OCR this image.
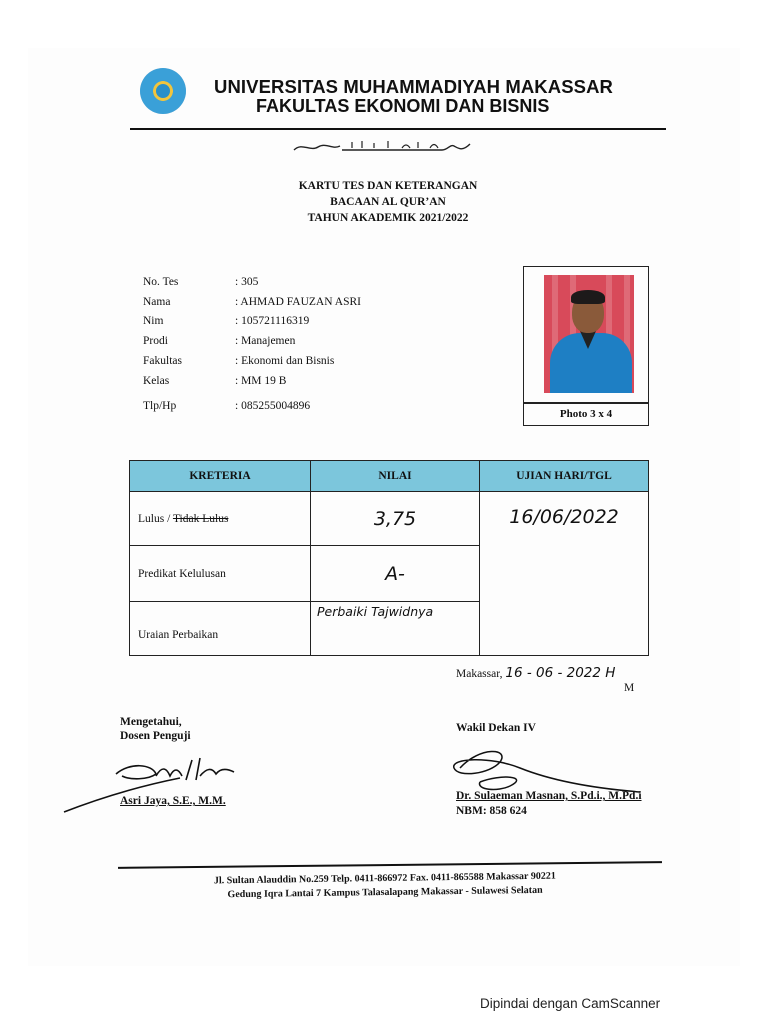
UNIVERSITAS MUHAMMADIYAH MAKASSAR
FAKULTAS EKONOMI DAN BISNIS
KARTU TES DAN KETERANGAN
BACAAN AL QUR’AN
TAHUN AKADEMIK 2021/2022
No. Tes	: 305
Nama	: AHMAD FAUZAN ASRI
Nim	: 105721116319
Prodi	: Manajemen
Fakultas	: Ekonomi dan Bisnis
Kelas	: MM 19 B
Tlp/Hp	: 085255004896
Photo 3 x 4
KRETERIA	NILAI	UJIAN HARI/TGL
Lulus / Tidak Lulus	3,75	16/06/2022
Predikat Kelulusan	A-	
Uraian Perbaikan	Perbaiki Tajwidnya	
Makassar, 16 - 06 - 2022 H
M
Mengetahui,
Dosen Penguji
Asri Jaya, S.E., M.M.
Wakil Dekan IV
Dr. Sulaeman Masnan, S.Pd.i., M.Pd.i
NBM: 858 624
Jl. Sultan Alauddin No.259 Telp. 0411-866972 Fax. 0411-865588 Makassar 90221
Gedung Iqra Lantai 7 Kampus Talasalapang Makassar - Sulawesi Selatan
Dipindai dengan CamScanner
